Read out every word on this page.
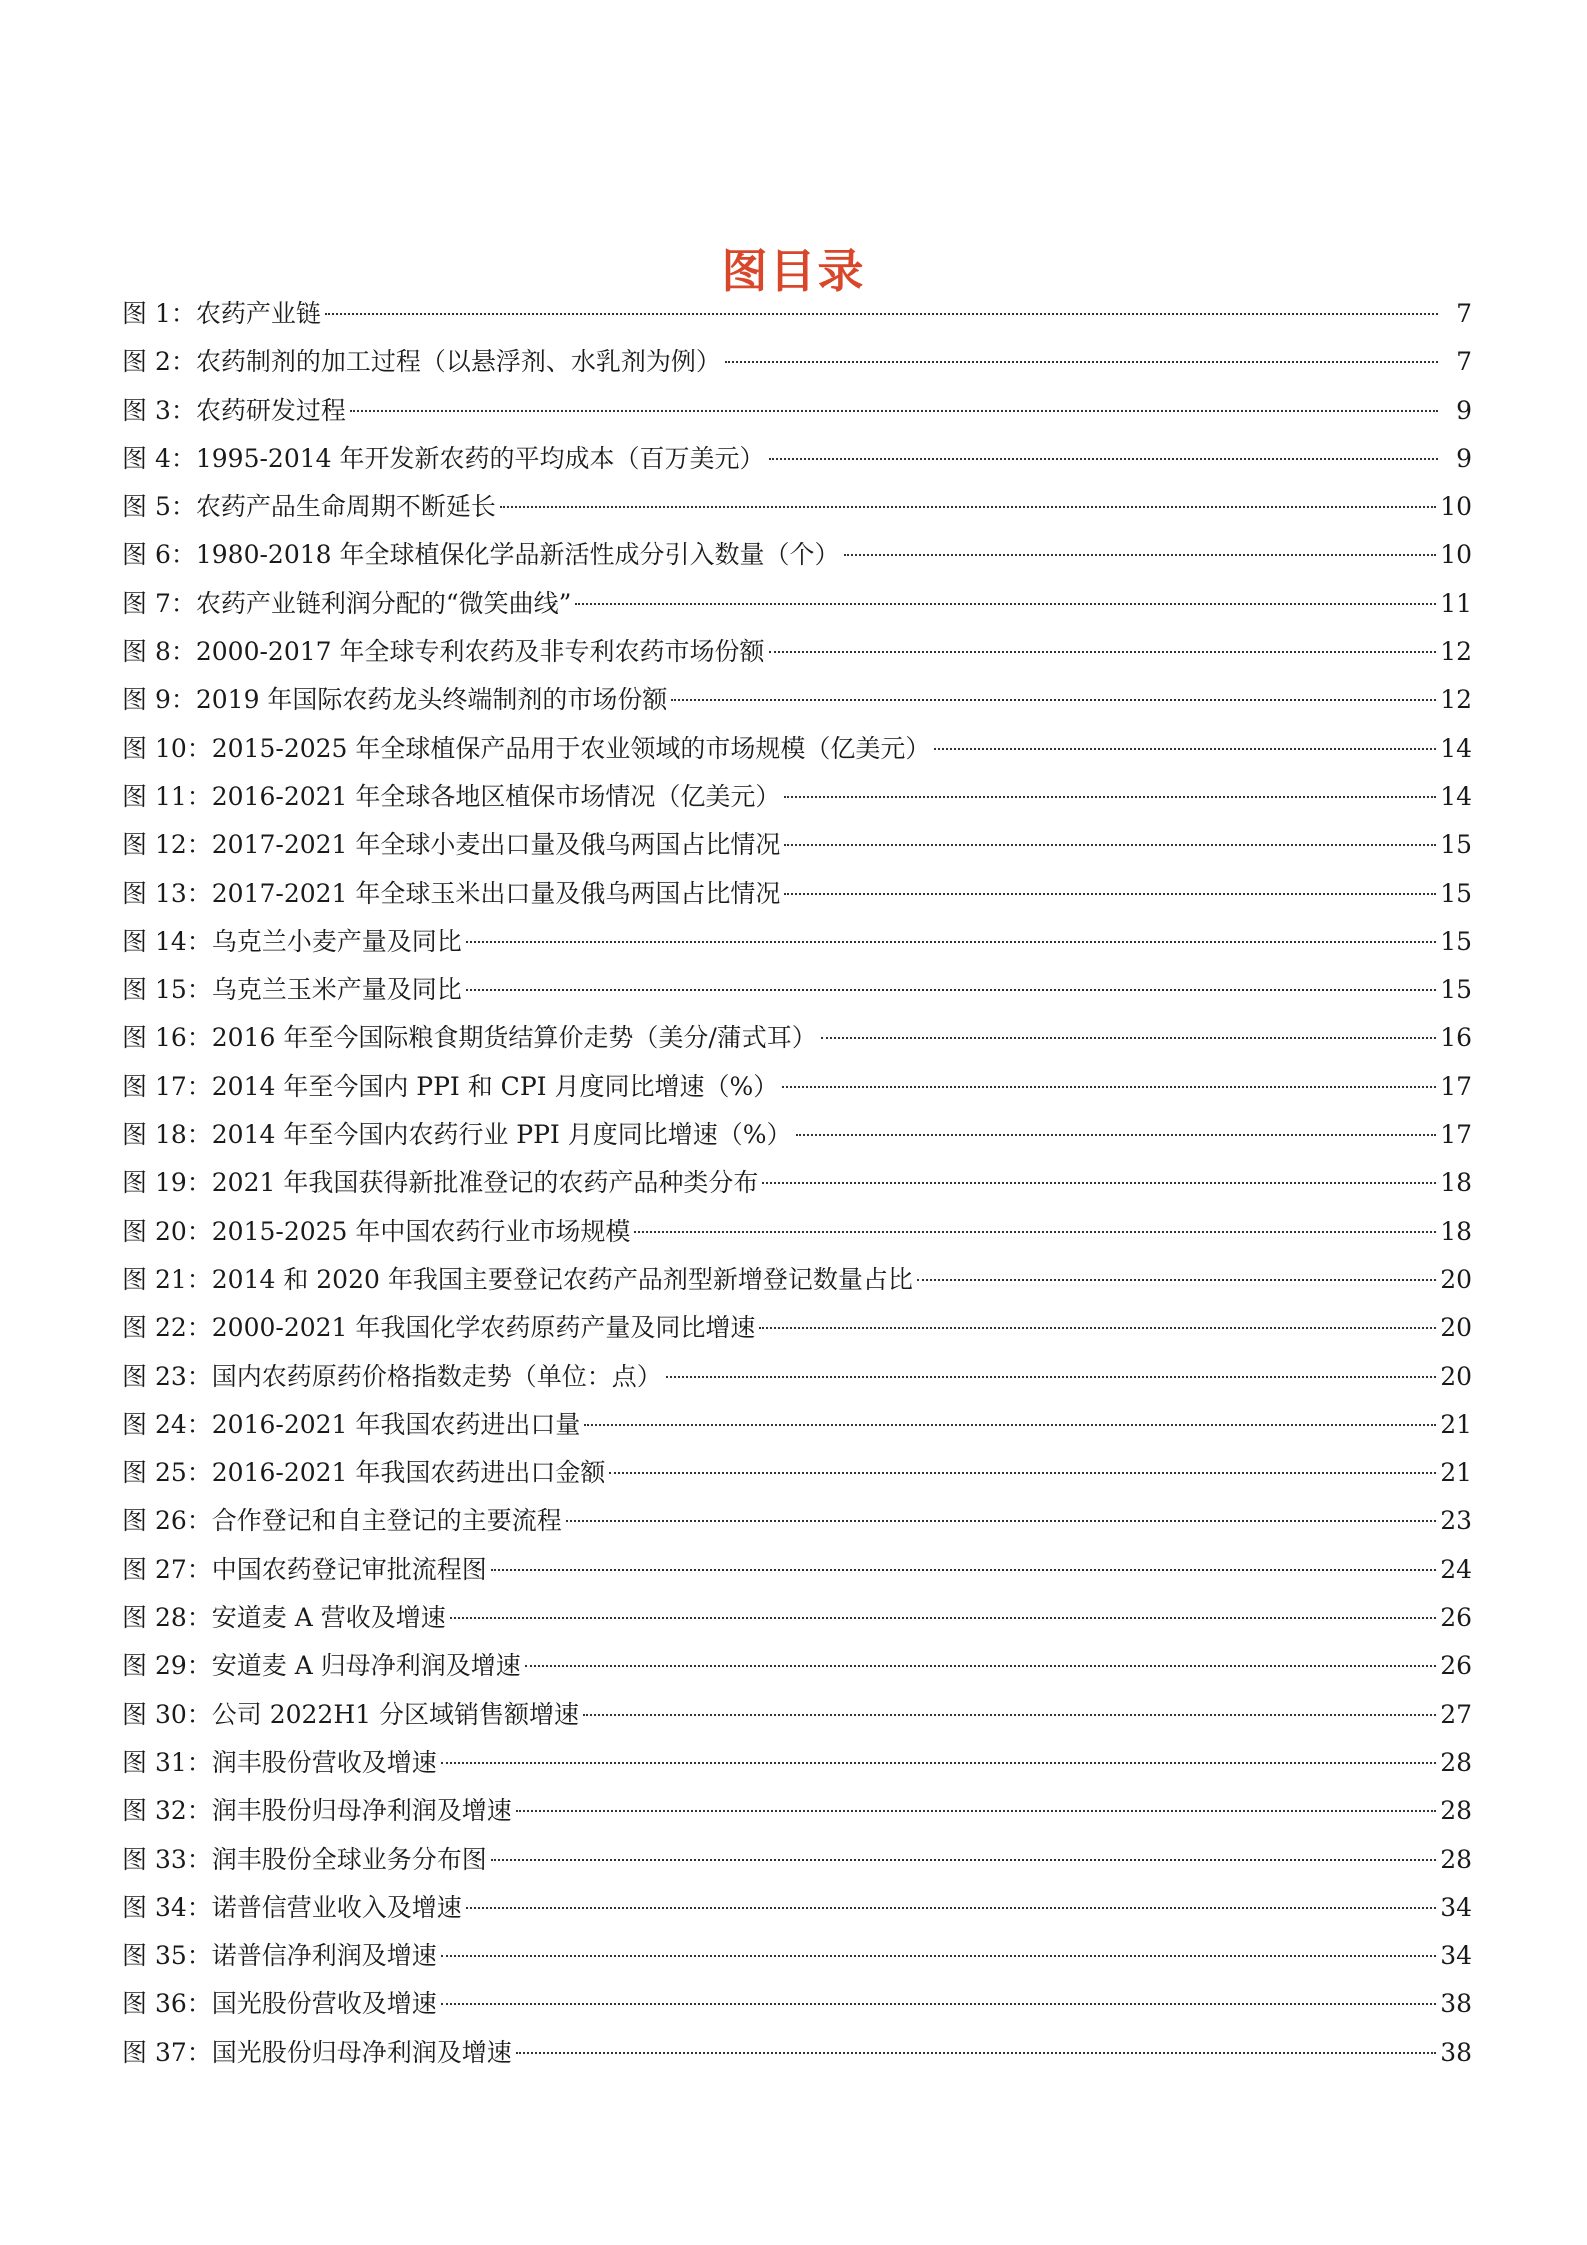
图目录
图 1：农药产业链	7
图 2：农药制剂的加工过程（以悬浮剂、水乳剂为例）	7
图 3：农药研发过程	9
图 4：1995-2014 年开发新农药的平均成本（百万美元）	9
图 5：农药产品生命周期不断延长	10
图 6：1980-2018 年全球植保化学品新活性成分引入数量（个）	10
图 7：农药产业链利润分配的“微笑曲线”	11
图 8：2000-2017 年全球专利农药及非专利农药市场份额	12
图 9：2019 年国际农药龙头终端制剂的市场份额	12
图 10：2015-2025 年全球植保产品用于农业领域的市场规模（亿美元）	14
图 11：2016-2021 年全球各地区植保市场情况（亿美元）	14
图 12：2017-2021 年全球小麦出口量及俄乌两国占比情况	15
图 13：2017-2021 年全球玉米出口量及俄乌两国占比情况	15
图 14：乌克兰小麦产量及同比	15
图 15：乌克兰玉米产量及同比	15
图 16：2016 年至今国际粮食期货结算价走势（美分/蒲式耳）	16
图 17：2014 年至今国内 PPI 和 CPI 月度同比增速（%）	17
图 18：2014 年至今国内农药行业 PPI 月度同比增速（%）	17
图 19：2021 年我国获得新批准登记的农药产品种类分布	18
图 20：2015-2025 年中国农药行业市场规模	18
图 21：2014 和 2020 年我国主要登记农药产品剂型新增登记数量占比	20
图 22：2000-2021 年我国化学农药原药产量及同比增速	20
图 23：国内农药原药价格指数走势（单位：点）	20
图 24：2016-2021 年我国农药进出口量	21
图 25：2016-2021 年我国农药进出口金额	21
图 26：合作登记和自主登记的主要流程	23
图 27：中国农药登记审批流程图	24
图 28：安道麦 A 营收及增速	26
图 29：安道麦 A 归母净利润及增速	26
图 30：公司 2022H1 分区域销售额增速	27
图 31：润丰股份营收及增速	28
图 32：润丰股份归母净利润及增速	28
图 33：润丰股份全球业务分布图	28
图 34：诺普信营业收入及增速	34
图 35：诺普信净利润及增速	34
图 36：国光股份营收及增速	38
图 37：国光股份归母净利润及增速	38
